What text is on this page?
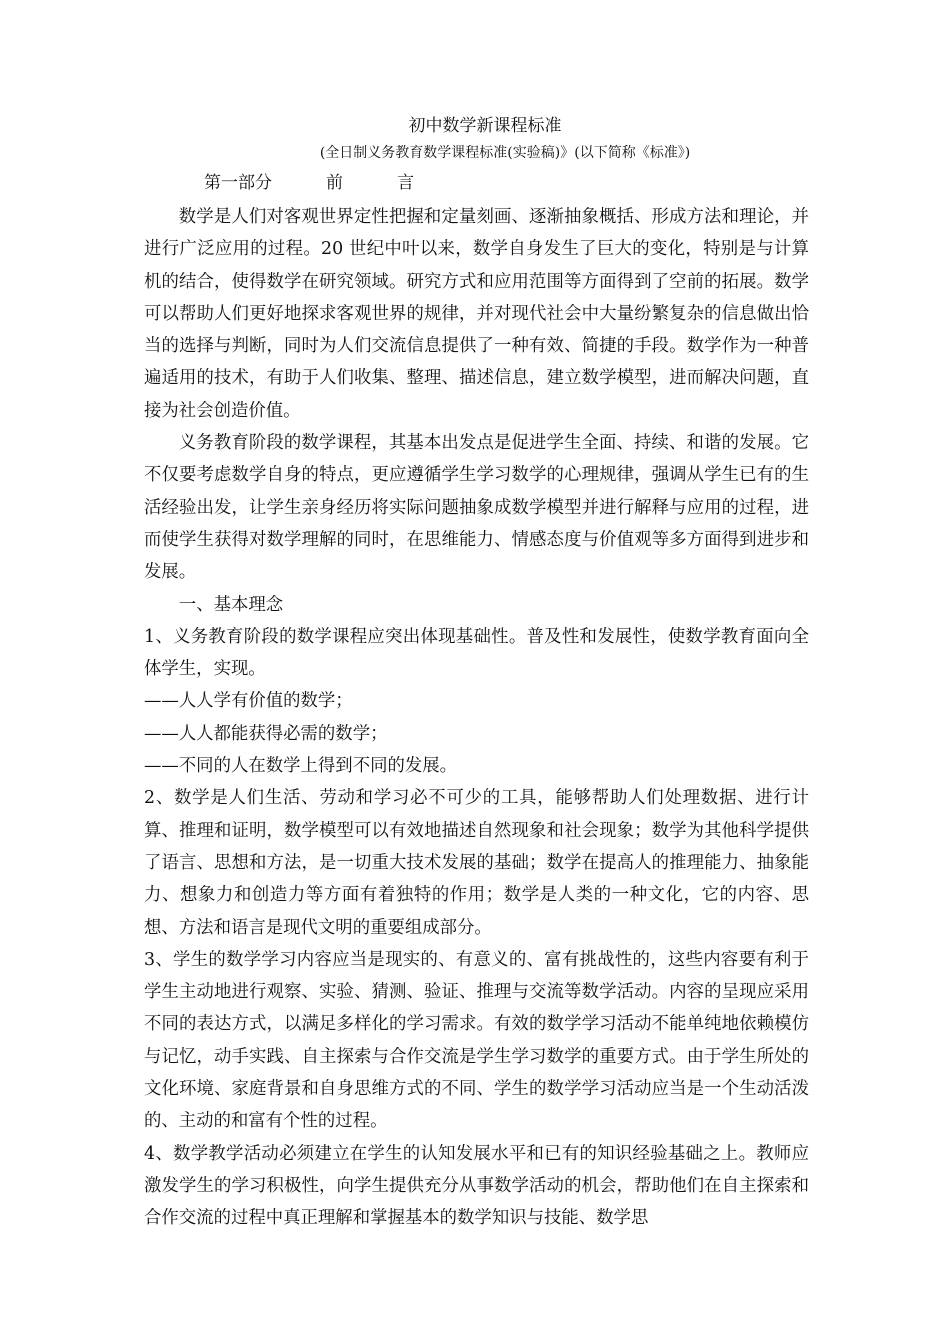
初中数学新课程标准
(全日制义务教育数学课程标准(实验稿)》(以下简称《标准》)
第一部分          前          言

数学是人们对客观世界定性把握和定量刻画、逐渐抽象概括、形成方法和理论，并进行广泛应用的过程。20 世纪中叶以来，数学自身发生了巨大的变化，特别是与计算机的结合，使得数学在研究领域。研究方式和应用范围等方面得到了空前的拓展。数学可以帮助人们更好地探求客观世界的规律，并对现代社会中大量纷繁复杂的信息做出恰当的选择与判断，同时为人们交流信息提供了一种有效、简捷的手段。数学作为一种普遍适用的技术，有助于人们收集、整理、描述信息，建立数学模型，进而解决问题，直接为社会创造价值。

义务教育阶段的数学课程，其基本出发点是促进学生全面、持续、和谐的发展。它不仅要考虑数学自身的特点，更应遵循学生学习数学的心理规律，强调从学生已有的生活经验出发，让学生亲身经历将实际问题抽象成数学模型并进行解释与应用的过程，进而使学生获得对数学理解的同时，在思维能力、情感态度与价值观等多方面得到进步和发展。

一、基本理念

1、义务教育阶段的数学课程应突出体现基础性。普及性和发展性，使数学教育面向全体学生，实现。

——人人学有价值的数学；

——人人都能获得必需的数学；

——不同的人在数学上得到不同的发展。

2、数学是人们生活、劳动和学习必不可少的工具，能够帮助人们处理数据、进行计算、推理和证明，数学模型可以有效地描述自然现象和社会现象；数学为其他科学提供了语言、思想和方法，是一切重大技术发展的基础；数学在提高人的推理能力、抽象能力、想象力和创造力等方面有着独特的作用；数学是人类的一种文化，它的内容、思想、方法和语言是现代文明的重要组成部分。

3、学生的数学学习内容应当是现实的、有意义的、富有挑战性的，这些内容要有利于学生主动地进行观察、实验、猜测、验证、推理与交流等数学活动。内容的呈现应采用不同的表达方式，以满足多样化的学习需求。有效的数学学习活动不能单纯地依赖模仿与记忆，动手实践、自主探索与合作交流是学生学习数学的重要方式。由于学生所处的文化环境、家庭背景和自身思维方式的不同、学生的数学学习活动应当是一个生动活泼的、主动的和富有个性的过程。

4、数学教学活动必须建立在学生的认知发展水平和已有的知识经验基础之上。教师应激发学生的学习积极性，向学生提供充分从事数学活动的机会，帮助他们在自主探索和合作交流的过程中真正理解和掌握基本的数学知识与技能、数学思
